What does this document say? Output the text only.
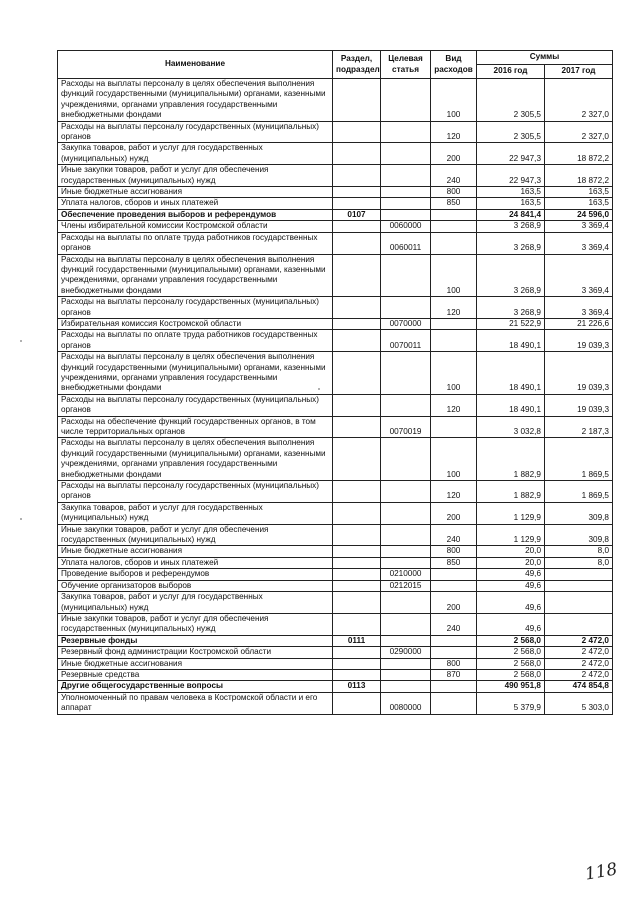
Наименование	Раздел, подраздел	Целевая статья	Вид расходов	Суммы	
				2016 год	2017 год
Расходы на выплаты персоналу в целях обеспечения выполнения функций государственными (муниципальными) органами, казенными учреждениями, органами управления государственными внебюджетными фондами			100	2 305,5	2 327,0
Расходы на выплаты персоналу государственных (муниципальных) органов			120	2 305,5	2 327,0
Закупка товаров, работ и услуг для государственных (муниципальных) нужд			200	22 947,3	18 872,2
Иные закупки товаров, работ и услуг для обеспечения государственных (муниципальных) нужд			240	22 947,3	18 872,2
Иные бюджетные ассигнования			800	163,5	163,5
Уплата налогов, сборов и иных платежей			850	163,5	163,5
Обеспечение проведения выборов и референдумов	0107			24 841,4	24 596,0
Члены избирательной комиссии Костромской области		0060000		3 268,9	3 369,4
Расходы на выплаты по оплате труда работников государственных органов		0060011		3 268,9	3 369,4
Расходы на выплаты персоналу в целях обеспечения выполнения функций государственными (муниципальными) органами, казенными учреждениями, органами управления государственными внебюджетными фондами			100	3 268,9	3 369,4
Расходы на выплаты персоналу государственных (муниципальных) органов			120	3 268,9	3 369,4
Избирательная комиссия Костромской области		0070000		21 522,9	21 226,6
Расходы на выплаты по оплате труда работников государственных органов		0070011		18 490,1	19 039,3
Расходы на выплаты персоналу в целях обеспечения выполнения функций государственными (муниципальными) органами, казенными учреждениями, органами управления государственными внебюджетными фондами			100	18 490,1	19 039,3
Расходы на выплаты персоналу государственных (муниципальных) органов			120	18 490,1	19 039,3
Расходы на обеспечение функций государственных органов, в том числе территориальных органов		0070019		3 032,8	2 187,3
Расходы на выплаты персоналу в целях обеспечения выполнения функций государственными (муниципальными) органами, казенными учреждениями, органами управления государственными внебюджетными фондами			100	1 882,9	1 869,5
Расходы на выплаты персоналу государственных (муниципальных) органов			120	1 882,9	1 869,5
Закупка товаров, работ и услуг для государственных (муниципальных) нужд			200	1 129,9	309,8
Иные закупки товаров, работ и услуг для обеспечения государственных (муниципальных) нужд			240	1 129,9	309,8
Иные бюджетные ассигнования			800	20,0	8,0
Уплата налогов, сборов и иных платежей			850	20,0	8,0
Проведение выборов и референдумов		0210000		49,6	
Обучение организаторов выборов		0212015		49,6	
Закупка товаров, работ и услуг для государственных (муниципальных) нужд			200	49,6	
Иные закупки товаров, работ и услуг для обеспечения государственных (муниципальных) нужд			240	49,6	
Резервные фонды	0111			2 568,0	2 472,0
Резервный фонд администрации Костромской области		0290000		2 568,0	2 472,0
Иные бюджетные ассигнования			800	2 568,0	2 472,0
Резервные средства			870	2 568,0	2 472,0
Другие общегосударственные вопросы	0113			490 951,8	474 854,8
Уполномоченный по правам человека в Костромской области и его аппарат		0080000		5 379,9	5 303,0
118
